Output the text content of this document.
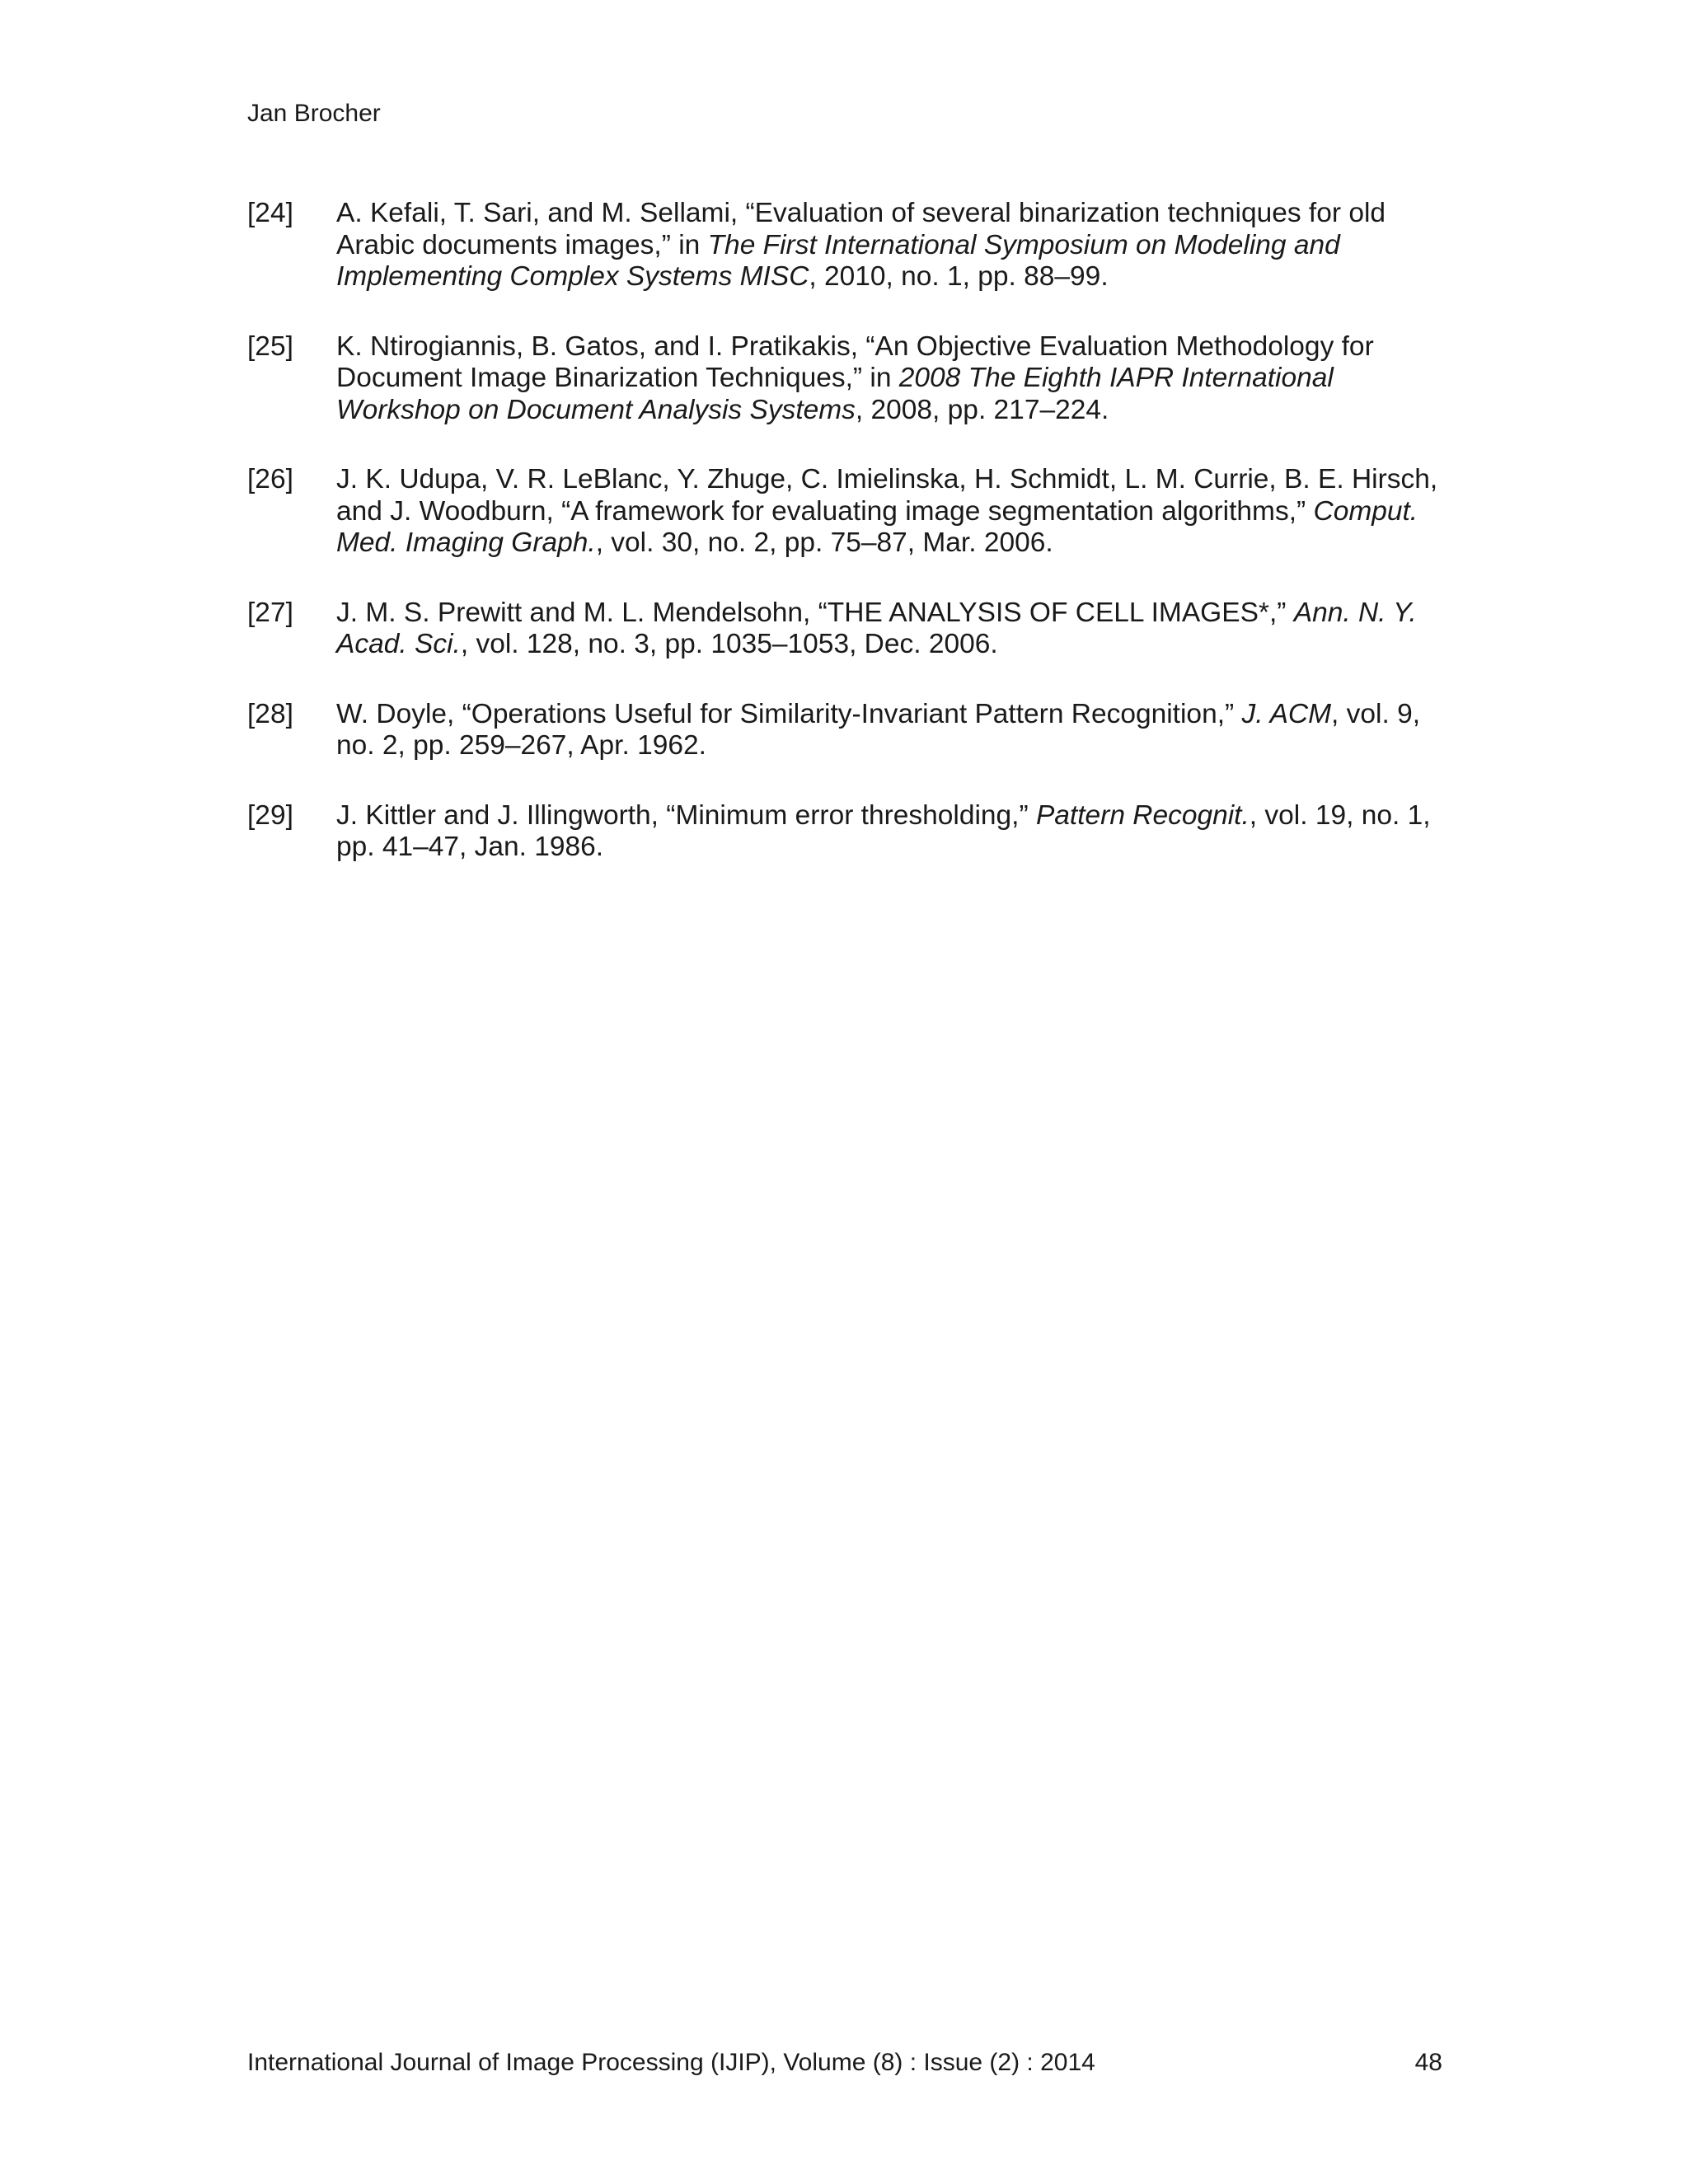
Jan Brocher
[24] A. Kefali, T. Sari, and M. Sellami, “Evaluation of several binarization techniques for old Arabic documents images,” in The First International Symposium on Modeling and Implementing Complex Systems MISC, 2010, no. 1, pp. 88–99.
[25] K. Ntirogiannis, B. Gatos, and I. Pratikakis, “An Objective Evaluation Methodology for Document Image Binarization Techniques,” in 2008 The Eighth IAPR International Workshop on Document Analysis Systems, 2008, pp. 217–224.
[26] J. K. Udupa, V. R. LeBlanc, Y. Zhuge, C. Imielinska, H. Schmidt, L. M. Currie, B. E. Hirsch, and J. Woodburn, “A framework for evaluating image segmentation algorithms,” Comput. Med. Imaging Graph., vol. 30, no. 2, pp. 75–87, Mar. 2006.
[27] J. M. S. Prewitt and M. L. Mendelsohn, “THE ANALYSIS OF CELL IMAGES*,” Ann. N. Y. Acad. Sci., vol. 128, no. 3, pp. 1035–1053, Dec. 2006.
[28] W. Doyle, “Operations Useful for Similarity-Invariant Pattern Recognition,” J. ACM, vol. 9, no. 2, pp. 259–267, Apr. 1962.
[29] J. Kittler and J. Illingworth, “Minimum error thresholding,” Pattern Recognit., vol. 19, no. 1, pp. 41–47, Jan. 1986.
International Journal of Image Processing (IJIP), Volume (8) : Issue (2) : 2014	48
